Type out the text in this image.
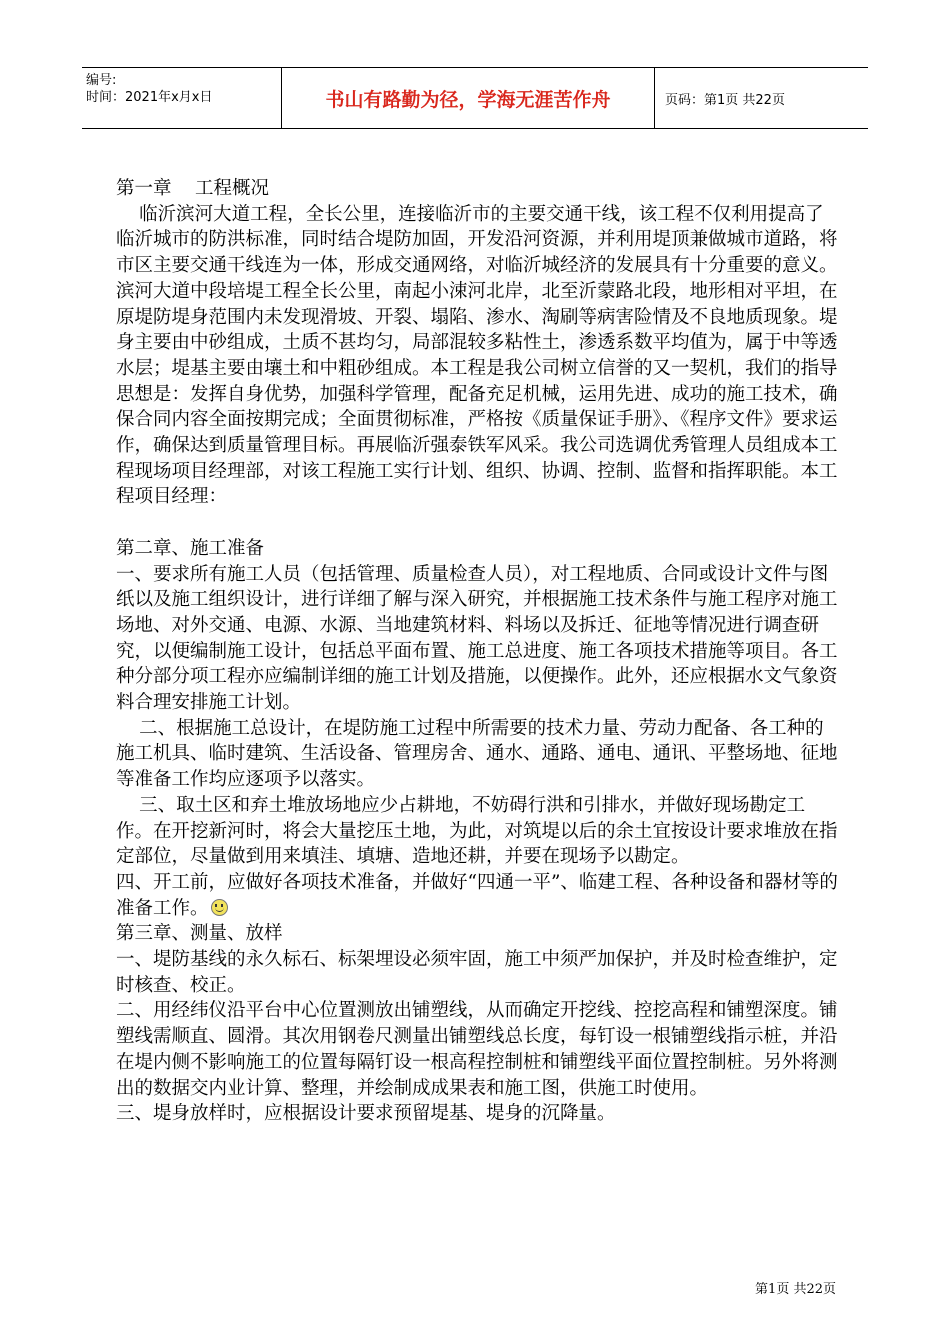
编号:
时间：2021年x月x日	书山有路勤为径，学海无涯苦作舟	页码：第1页 共22页

第一章    工程概况

临沂滨河大道工程，全长公里，连接临沂市的主要交通干线，该工程不仅利用提高了临沂城市的防洪标准，同时结合堤防加固，开发沿河资源，并利用堤顶兼做城市道路，将市区主要交通干线连为一体，形成交通网络，对临沂城经济的发展具有十分重要的意义。

滨河大道中段培堤工程全长公里，南起小涑河北岸，北至沂蒙路北段，地形相对平坦，在原堤防堤身范围内未发现滑坡、开裂、塌陷、渗水、淘刷等病害险情及不良地质现象。堤身主要由中砂组成，土质不甚均匀，局部混较多粘性土，渗透系数平均值为，属于中等透水层；堤基主要由壤土和中粗砂组成。本工程是我公司树立信誉的又一契机，我们的指导思想是：发挥自身优势，加强科学管理，配备充足机械，运用先进、成功的施工技术，确保合同内容全面按期完成；全面贯彻标准，严格按《质量保证手册》、《程序文件》要求运作，确保达到质量管理目标。再展临沂强泰铁军风采。我公司选调优秀管理人员组成本工程现场项目经理部，对该工程施工实行计划、组织、协调、控制、监督和指挥职能。本工程项目经理：

第二章、施工准备

一、要求所有施工人员（包括管理、质量检查人员），对工程地质、合同或设计文件与图纸以及施工组织设计，进行详细了解与深入研究，并根据施工技术条件与施工程序对施工场地、对外交通、电源、水源、当地建筑材料、料场以及拆迁、征地等情况进行调查研究，以便编制施工设计，包括总平面布置、施工总进度、施工各项技术措施等项目。各工种分部分项工程亦应编制详细的施工计划及措施，以便操作。此外，还应根据水文气象资料合理安排施工计划。

二、根据施工总设计，在堤防施工过程中所需要的技术力量、劳动力配备、各工种的施工机具、临时建筑、生活设备、管理房舍、通水、通路、通电、通讯、平整场地、征地等准备工作均应逐项予以落实。

三、取土区和弃土堆放场地应少占耕地，不妨碍行洪和引排水，并做好现场勘定工作。在开挖新河时，将会大量挖压土地，为此，对筑堤以后的余土宜按设计要求堆放在指定部位，尽量做到用来填洼、填塘、造地还耕，并要在现场予以勘定。

四、开工前，应做好各项技术准备，并做好“四通一平”、临建工程、各种设备和器材等的准备工作。

第三章、测量、放样

一、堤防基线的永久标石、标架埋设必须牢固，施工中须严加保护，并及时检查维护，定时核查、校正。

二、用经纬仪沿平台中心位置测放出铺塑线，从而确定开挖线、控挖高程和铺塑深度。铺塑线需顺直、圆滑。其次用钢卷尺测量出铺塑线总长度，每钉设一根铺塑线指示桩，并沿在堤内侧不影响施工的位置每隔钉设一根高程控制桩和铺塑线平面位置控制桩。另外将测出的数据交内业计算、整理，并绘制成成果表和施工图，供施工时使用。

三、堤身放样时，应根据设计要求预留堤基、堤身的沉降量。

第1页 共22页
